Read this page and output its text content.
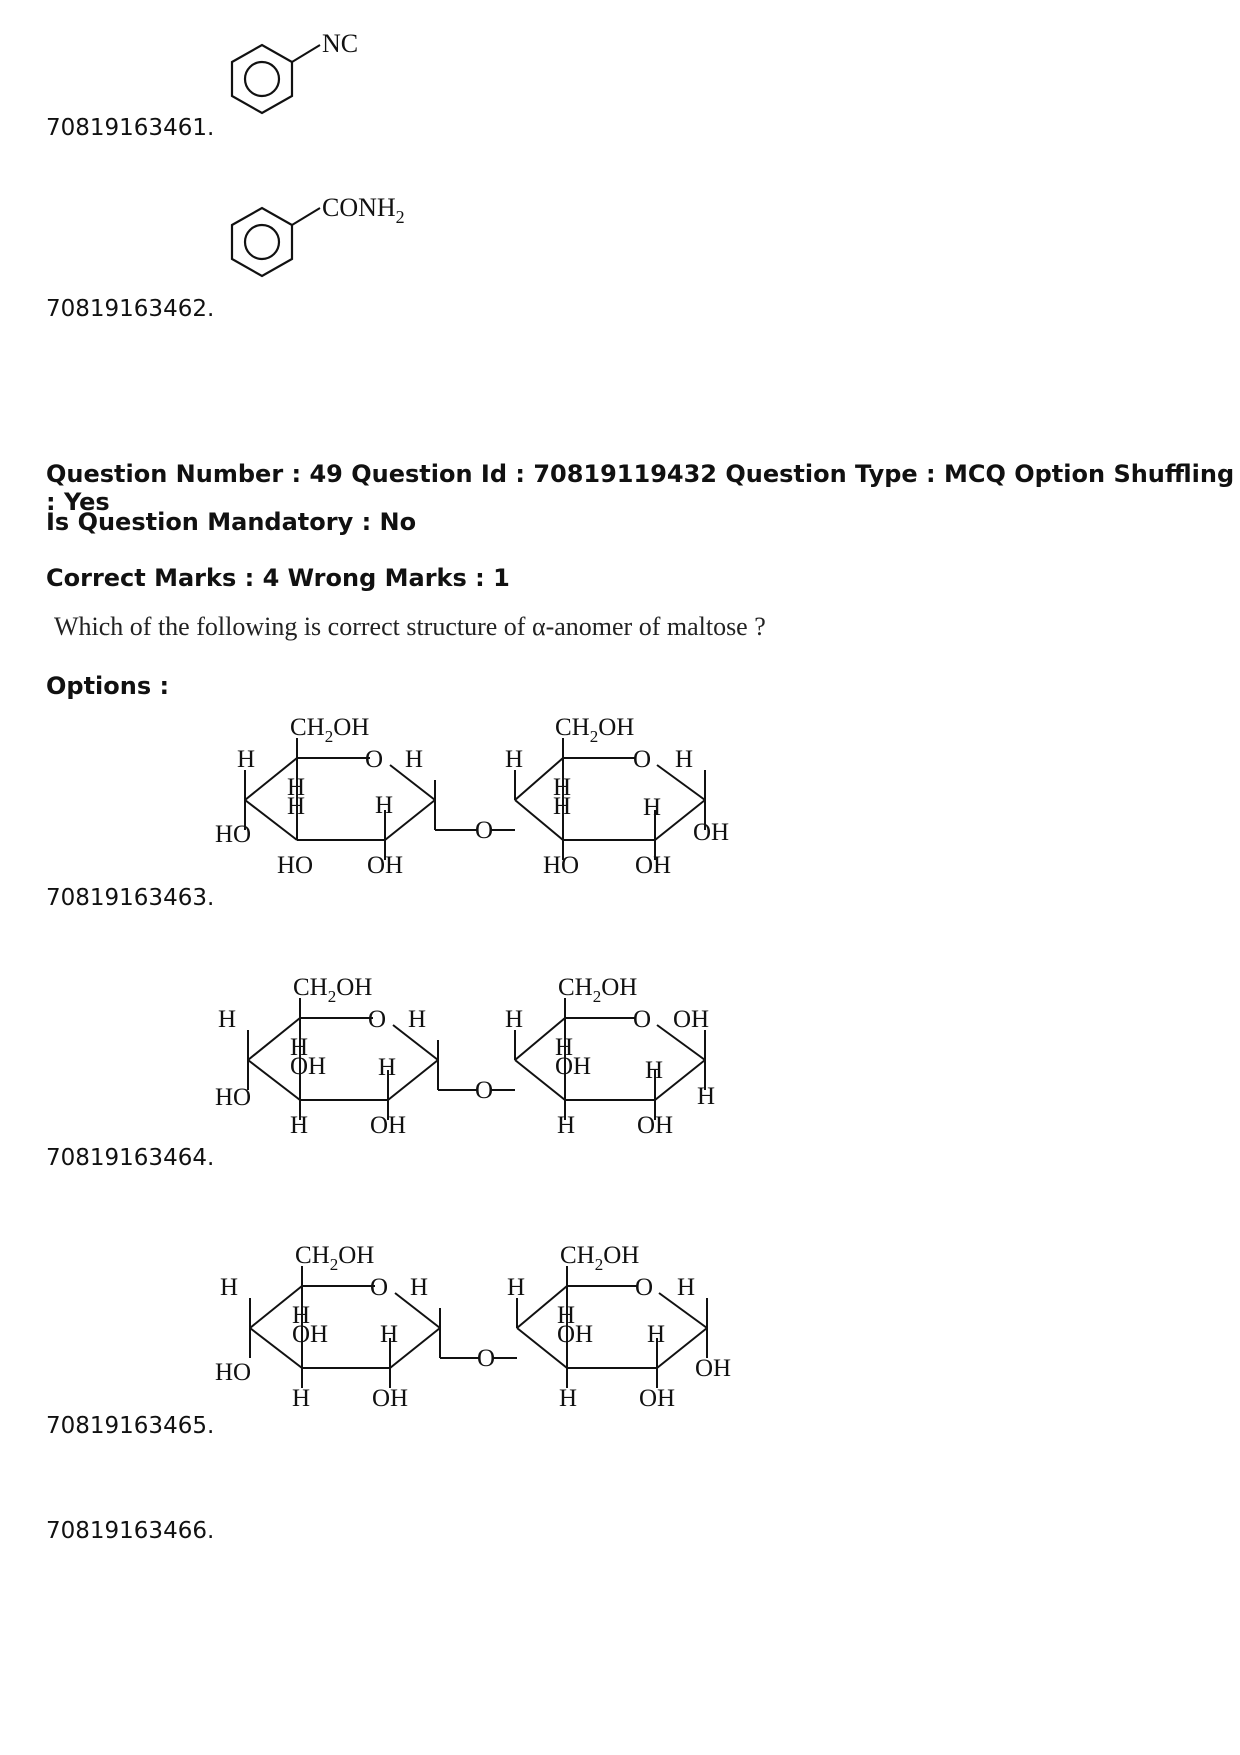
NC
70819163461.
$CONH_2$
70819163462.
Question Number : 49 Question Id : 70819119432 Question Type : MCQ Option Shuffling : Yes
Is Question Mandatory : No
Correct Marks : 4 Wrong Marks : 1
Which of the following is correct structure of α-anomer of maltose ?
Options :
70819163463.
$CH_2OH$
O H
H
H
H	H
HO
HO OH
O
$CH_2OH$
O H
H
H
H	H
OH
HO OH
70819163464.
$CH_2OH$
O H
H
H
OH H
HO
H OH
O
$CH_2OH$
O OH
H
H
OH H
H
H OH
70819163465.
$CH_2OH$
O H
H
H
OH H
HO
H OH
O
$CH_2OH$
O H
H
H
OH H
OH
H OH
70819163466.
